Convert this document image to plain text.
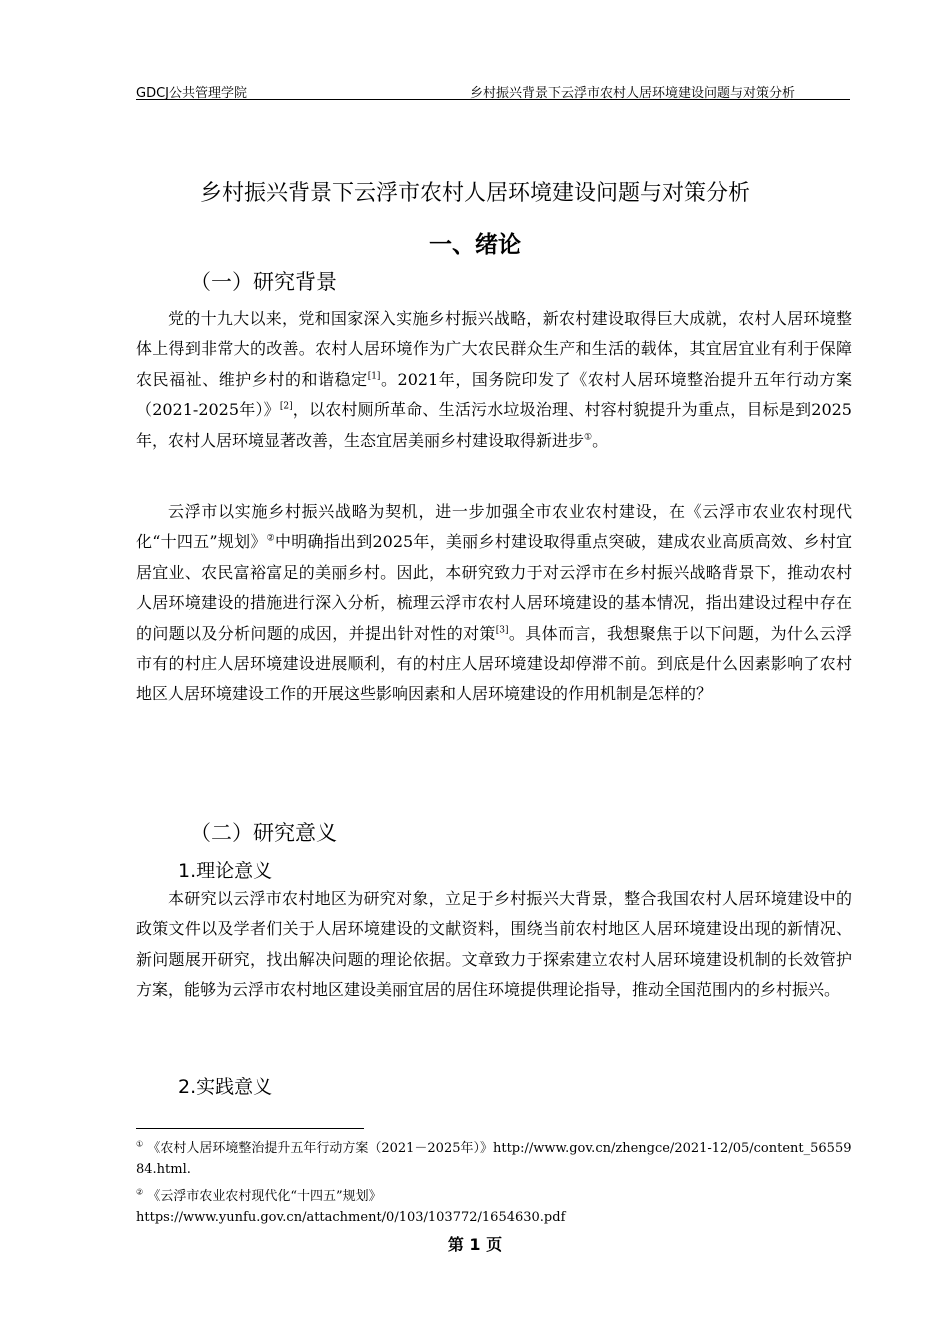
GDCJ公共管理学院	乡村振兴背景下云浮市农村人居环境建设问题与对策分析
乡村振兴背景下云浮市农村人居环境建设问题与对策分析
一、绪论
（一）研究背景

党的十九大以来，党和国家深入实施乡村振兴战略，新农村建设取得巨大成就，农村人居环境整体上得到非常大的改善。农村人居环境作为广大农民群众生产和生活的载体，其宜居宜业有利于保障农民福祉、维护乡村的和谐稳定[1]。2021年，国务院印发了《农村人居环境整治提升五年行动方案（2021-2025年）》[2]，以农村厕所革命、生活污水垃圾治理、村容村貌提升为重点，目标是到2025年，农村人居环境显著改善，生态宜居美丽乡村建设取得新进步①。

云浮市以实施乡村振兴战略为契机，进一步加强全市农业农村建设，在《云浮市农业农村现代化“十四五”规划》②中明确指出到2025年，美丽乡村建设取得重点突破，建成农业高质高效、乡村宜居宜业、农民富裕富足的美丽乡村。因此，本研究致力于对云浮市在乡村振兴战略背景下，推动农村人居环境建设的措施进行深入分析，梳理云浮市农村人居环境建设的基本情况，指出建设过程中存在的问题以及分析问题的成因，并提出针对性的对策[3]。具体而言，我想聚焦于以下问题，为什么云浮市有的村庄人居环境建设进展顺利，有的村庄人居环境建设却停滞不前。到底是什么因素影响了农村地区人居环境建设工作的开展这些影响因素和人居环境建设的作用机制是怎样的？

（二）研究意义
1.理论意义

本研究以云浮市农村地区为研究对象，立足于乡村振兴大背景，整合我国农村人居环境建设中的政策文件以及学者们关于人居环境建设的文献资料，围绕当前农村地区人居环境建设出现的新情况、新问题展开研究，找出解决问题的理论依据。文章致力于探索建立农村人居环境建设机制的长效管护方案，能够为云浮市农村地区建设美丽宜居的居住环境提供理论指导，推动全国范围内的乡村振兴。

2.实践意义

① 《农村人居环境整治提升五年行动方案（2021－2025年）》http://www.gov.cn/zhengce/2021-12/05/content_5655984.html.

② 《云浮市农业农村现代化“十四五”规划》
https://www.yunfu.gov.cn/attachment/0/103/103772/1654630.pdf

第 1 页
